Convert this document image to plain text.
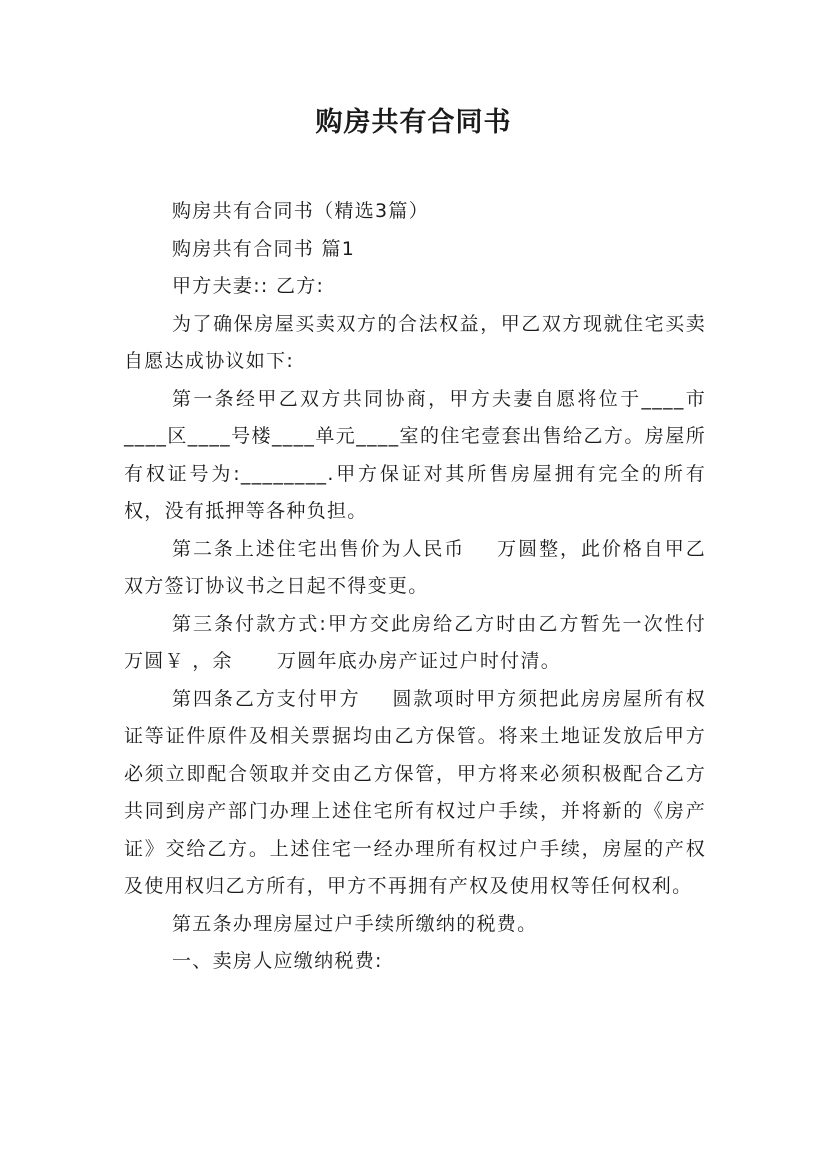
购房共有合同书

购房共有合同书（精选3篇）

购房共有合同书 篇1

甲方夫妻:: 乙方:

为了确保房屋买卖双方的合法权益，甲乙双方现就住宅买卖自愿达成协议如下:

第一条经甲乙双方共同协商，甲方夫妻自愿将位于____市____区____号楼____单元____室的住宅壹套出售给乙方。房屋所有权证号为:________.甲方保证对其所售房屋拥有完全的所有权，没有抵押等各种负担。

第二条上述住宅出售价为人民币    万圆整，此价格自甲乙双方签订协议书之日起不得变更。

第三条付款方式:甲方交此房给乙方时由乙方暂先一次性付  万圆￥ ，余      万圆年底办房产证过户时付清。

第四条乙方支付甲方    圆款项时甲方须把此房房屋所有权证等证件原件及相关票据均由乙方保管。将来土地证发放后甲方必须立即配合领取并交由乙方保管，甲方将来必须积极配合乙方共同到房产部门办理上述住宅所有权过户手续，并将新的《房产证》交给乙方。上述住宅一经办理所有权过户手续，房屋的产权及使用权归乙方所有，甲方不再拥有产权及使用权等任何权利。

第五条办理房屋过户手续所缴纳的税费。

一、卖房人应缴纳税费:
